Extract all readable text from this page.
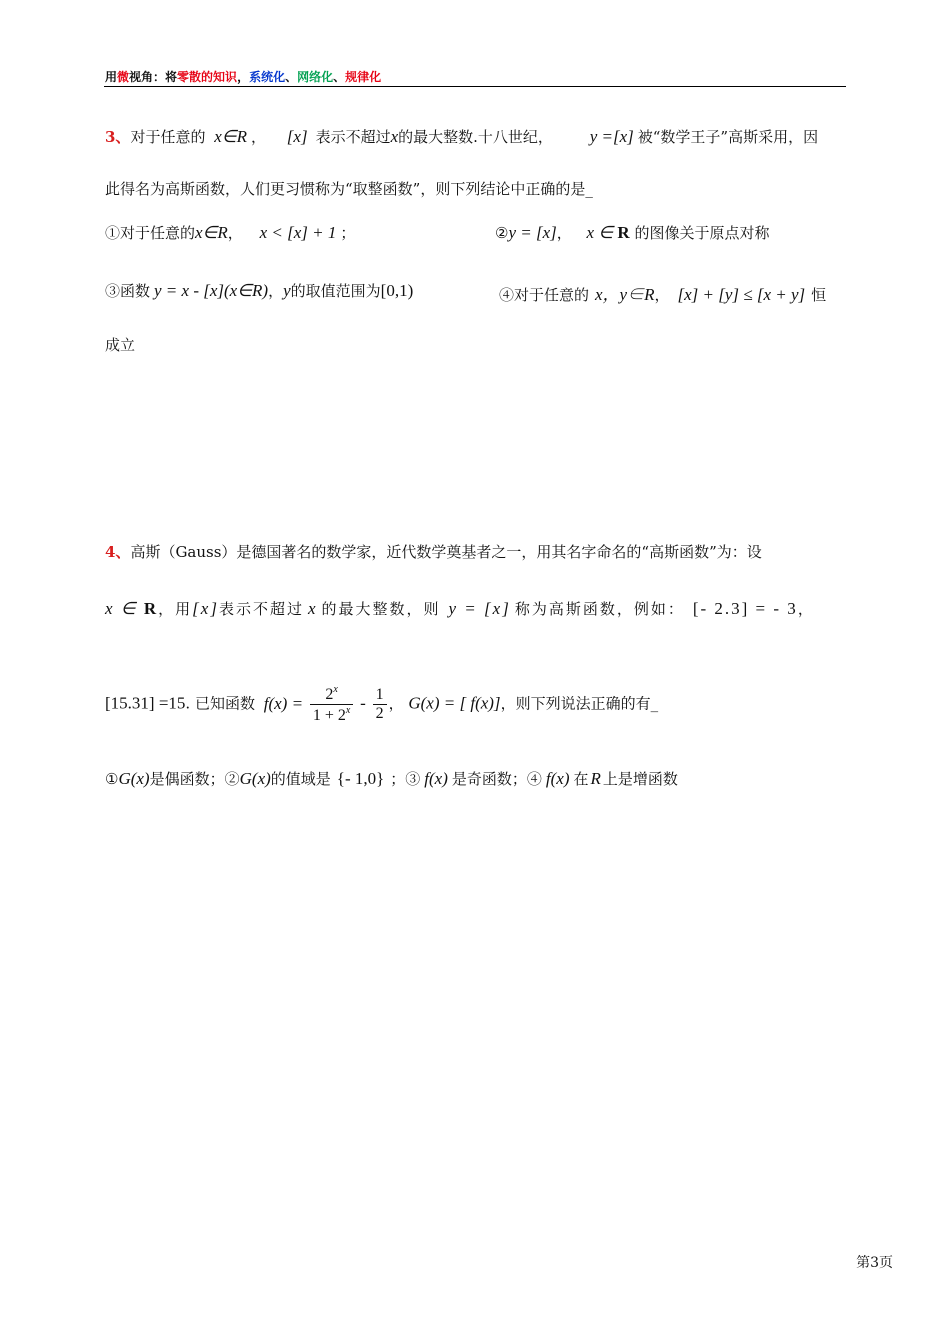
用微视角：将零散的知识，系统化、网络化、规律化
3、对于任意的 x∈R ， [x] 表示不超过x的最大整数.十八世纪， y =[x] 被“数学王子”高斯采用，因
此得名为高斯函数，人们更习惯称为“取整函数”，则下列结论中正确的是_
①对于任意的x∈R， x < [x] + 1 ；	②y = [x]， x ∈ R 的图像关于原点对称
③函数 y = x - [x](x∈R)，y的取值范围为[0,1)	④对于任意的 x，y∈R， [x] + [y] ≤ [x + y] 恒
成立
4、高斯（Gauss）是德国著名的数学家，近代数学奠基者之一，用其名字命名的“高斯函数”为：设
x ∈ R，用[x]表示不超过 x 的最大整数，则 y = [x] 称为高斯函数，例如： [- 2.3] = - 3，
[15.31] =15. 已知函数 $f(x) = \frac{2^x}{1 + 2^x} - \frac{1}{2}$ ， G(x) = [ f(x)]，则下列说法正确的有_
①G(x)是偶函数；②G(x)的值域是 {- 1,0} ；③ f(x) 是奇函数；④ f(x) 在 R 上是增函数
第3页
